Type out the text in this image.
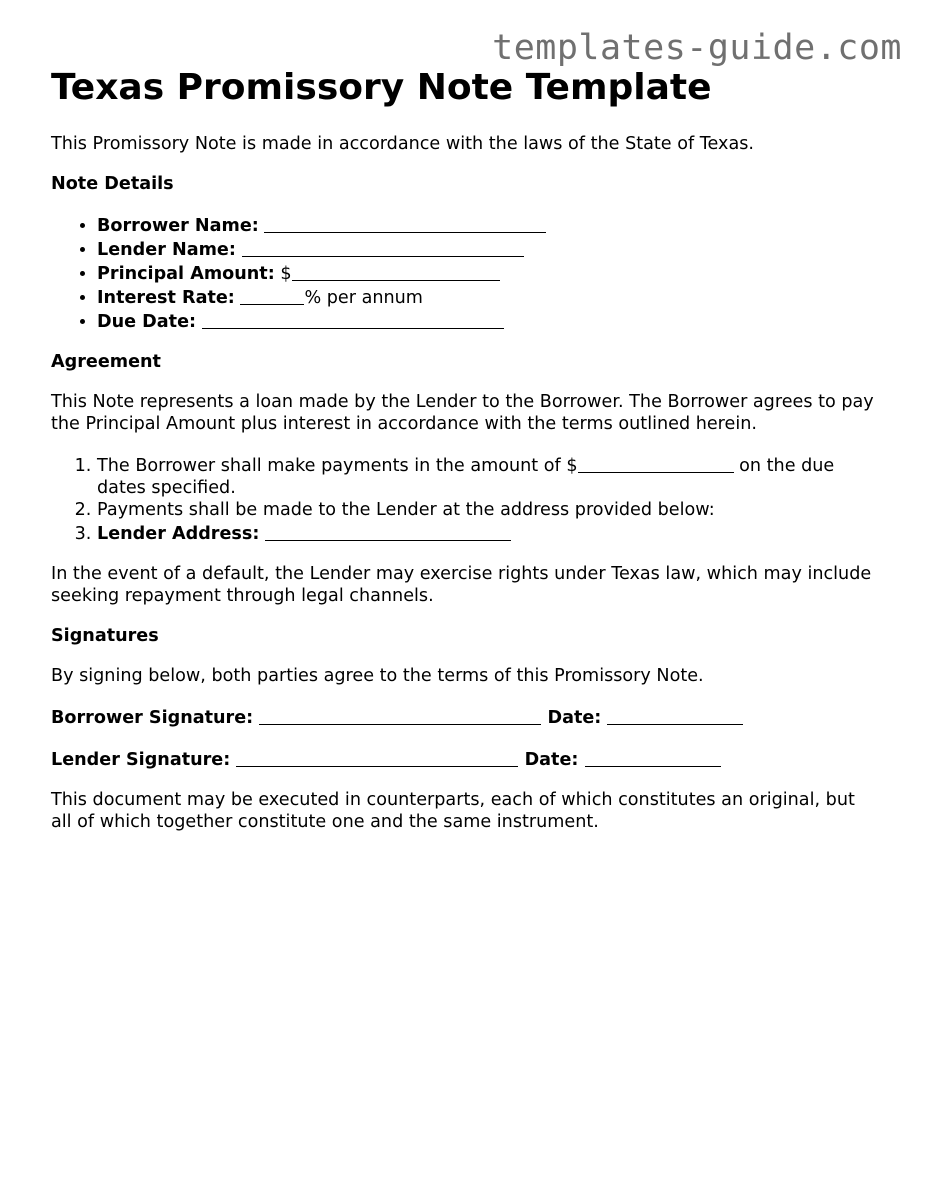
templates-guide.com
Texas Promissory Note Template

This Promissory Note is made in accordance with the laws of the State of Texas.

Note Details

• Borrower Name:
• Lender Name:
• Principal Amount: $
• Interest Rate:	% per annum
• Due Date:

Agreement

This Note represents a loan made by the Lender to the Borrower. The Borrower agrees to pay the Principal Amount plus interest in accordance with the terms outlined herein.

1. The Borrower shall make payments in the amount of $	on the due dates specified.
2. Payments shall be made to the Lender at the address provided below:
3. Lender Address:

In the event of a default, the Lender may exercise rights under Texas law, which may include seeking repayment through legal channels.

Signatures

By signing below, both parties agree to the terms of this Promissory Note.

Borrower Signature:	Date:

Lender Signature:	Date:

This document may be executed in counterparts, each of which constitutes an original, but all of which together constitute one and the same instrument.
